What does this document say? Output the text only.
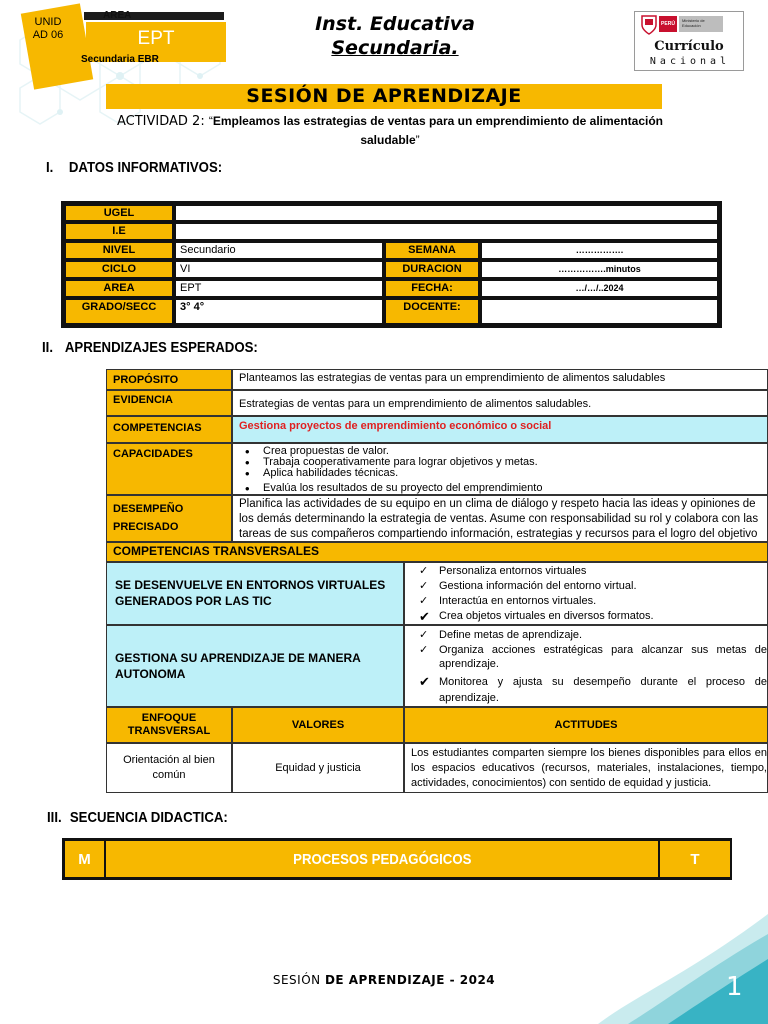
UNID AD 06
AREA
EPT
Secundaria EBR
Inst. Educativa
Secundaria.
PERÚ
Ministerio de Educación
Currículo
Nacional
SESIÓN DE APRENDIZAJE
ACTIVIDAD 2: “Empleamos las estrategias de ventas para un emprendimiento de alimentación saludable”
I. DATOS INFORMATIVOS:
UGEL
I.E
NIVEL	Secundario	SEMANA	…………….
CICLO	VI	DURACION	…………….minutos
AREA	EPT	FECHA:	…/…/..2024
GRADO/SECC	3° 4°	DOCENTE:
II. APRENDIZAJES ESPERADOS:
PROPÓSITO	Planteamos las estrategias de ventas para un emprendimiento de alimentos saludables
EVIDENCIA	Estrategias de ventas para un emprendimiento de alimentos saludables.
COMPETENCIAS	Gestiona proyectos de emprendimiento económico o social
CAPACIDADES
•	Crea propuestas de valor.
• Trabaja cooperativamente para lograr objetivos y metas.
• Aplica habilidades técnicas.
• Evalúa los resultados de su proyecto del emprendimiento
DESEMPEÑO
PRECISADO
Planifica las actividades de su equipo en un clima de diálogo y respeto hacia las ideas y opiniones de los demás determinando la estrategia de ventas. Asume con responsabilidad su rol y colabora con las tareas de sus compañeros compartiendo información, estrategias y recursos para el logro del objetivo
COMPETENCIAS TRANSVERSALES
SE DESENVUELVE EN ENTORNOS VIRTUALES GENERADOS POR LAS TIC
✓ Personaliza entornos virtuales
✓ Gestiona información del entorno virtual.
✓ Interactúa en entornos virtuales.
✔ Crea objetos virtuales en diversos formatos.
GESTIONA SU APRENDIZAJE DE MANERA AUTONOMA
✓ Define metas de aprendizaje.
✓ Organiza acciones estratégicas para alcanzar sus metas de aprendizaje.
✔ Monitorea y ajusta su desempeño durante el proceso de aprendizaje.
ENFOQUE TRANSVERSAL
VALORES	ACTITUDES
Orientación al bien común
Equidad y justicia
Los estudiantes comparten siempre los bienes disponibles para ellos en los espacios educativos (recursos, materiales, instalaciones, tiempo, actividades, conocimientos) con sentido de equidad y justicia.
III. SECUENCIA DIDACTICA:
M	PROCESOS PEDAGÓGICOS	T
SESIÓN DE APRENDIZAJE - 2024	1
